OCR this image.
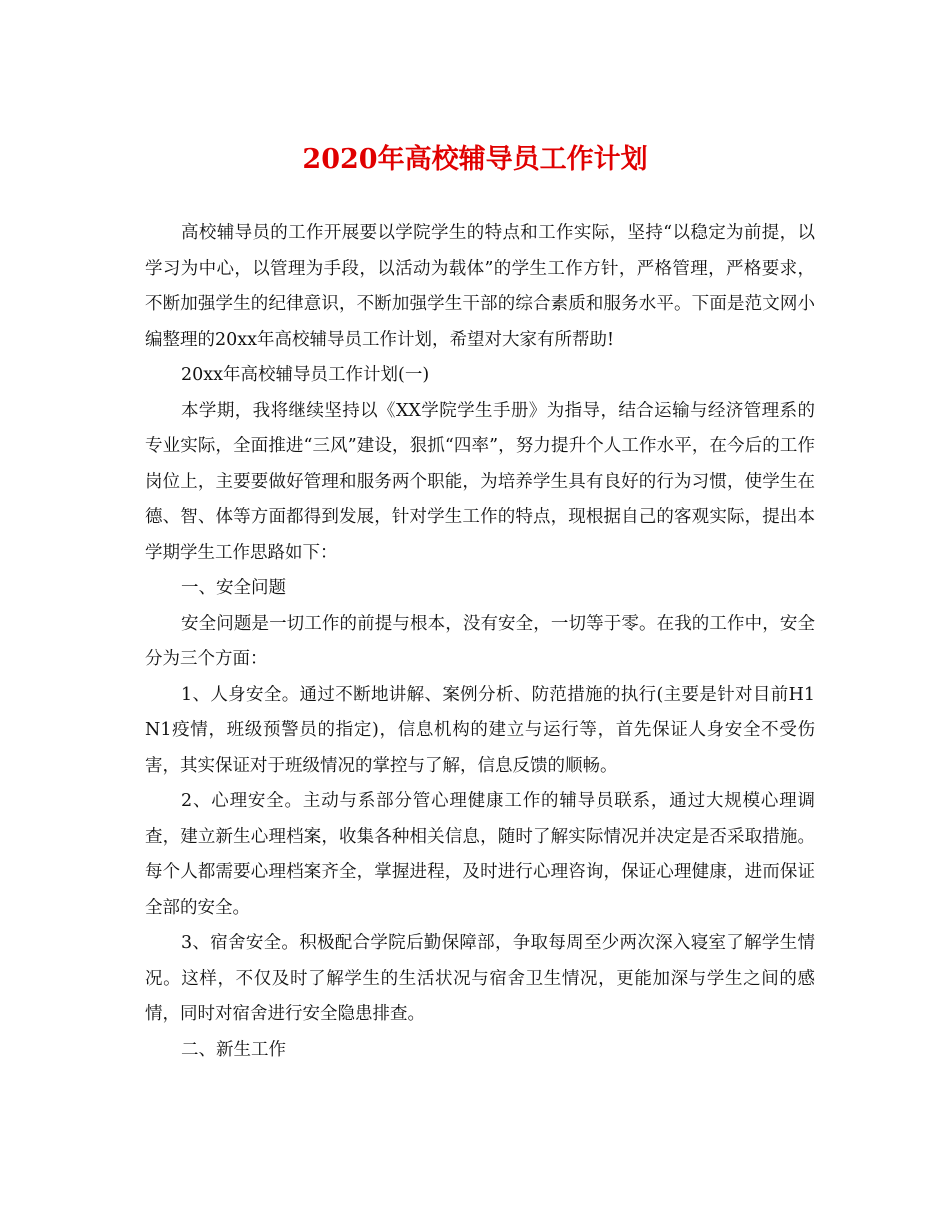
2020年高校辅导员工作计划

高校辅导员的工作开展要以学院学生的特点和工作实际，坚持“以稳定为前提，以学习为中心，以管理为手段，以活动为载体”的学生工作方针，严格管理，严格要求，不断加强学生的纪律意识，不断加强学生干部的综合素质和服务水平。下面是范文网小编整理的20xx年高校辅导员工作计划，希望对大家有所帮助!

20xx年高校辅导员工作计划(一)

本学期，我将继续坚持以《XX学院学生手册》为指导，结合运输与经济管理系的专业实际，全面推进“三风”建设，狠抓“四率”，努力提升个人工作水平，在今后的工作岗位上，主要要做好管理和服务两个职能，为培养学生具有良好的行为习惯，使学生在德、智、体等方面都得到发展，针对学生工作的特点，现根据自己的客观实际，提出本学期学生工作思路如下：

一、安全问题

安全问题是一切工作的前提与根本，没有安全，一切等于零。在我的工作中，安全分为三个方面：

1、人身安全。通过不断地讲解、案例分析、防范措施的执行(主要是针对目前H1N1疫情，班级预警员的指定)，信息机构的建立与运行等，首先保证人身安全不受伤害，其实保证对于班级情况的掌控与了解，信息反馈的顺畅。

2、心理安全。主动与系部分管心理健康工作的辅导员联系，通过大规模心理调查，建立新生心理档案，收集各种相关信息，随时了解实际情况并决定是否采取措施。每个人都需要心理档案齐全，掌握进程，及时进行心理咨询，保证心理健康，进而保证全部的安全。

3、宿舍安全。积极配合学院后勤保障部，争取每周至少两次深入寝室了解学生情况。这样，不仅及时了解学生的生活状况与宿舍卫生情况，更能加深与学生之间的感情，同时对宿舍进行安全隐患排查。

二、新生工作
